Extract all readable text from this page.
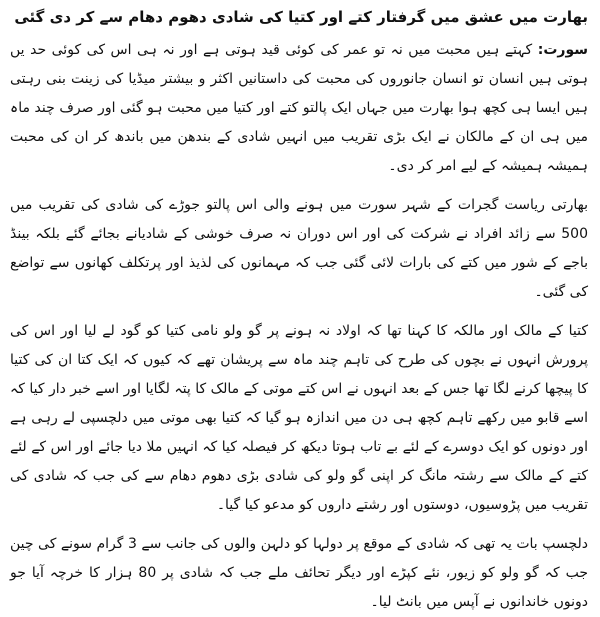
بھارت میں عشق میں گرفتار کتے اور کتیا کی شادی دھوم دھام سے کر دی گئی

سورت: کہتے ہیں محبت میں نہ تو عمر کی کوئی قید ہوتی ہے اور نہ ہی اس کی کوئی حد یں ہوتی ہیں انسان تو انسان جانوروں کی محبت کی داستانیں اکثر و بیشتر میڈیا کی زینت بنی رہتی ہیں ایسا ہی کچھ ہوا بھارت میں جہاں ایک پالتو کتے اور کتیا میں محبت ہو گئی اور صرف چند ماہ میں ہی ان کے مالکان نے ایک بڑی تقریب میں انہیں شادی کے بندھن میں باندھ کر ان کی محبت ہمیشہ ہمیشہ کے لیے امر کر دی۔

بھارتی ریاست گجرات کے شہر سورت میں ہونے والی اس پالتو جوڑے کی شادی کی تقریب میں 500 سے زائد افراد نے شرکت کی اور اس دوران نہ صرف خوشی کے شادیانے بجائے گئے بلکہ بینڈ باجے کے شور میں کتے کی بارات لائی گئی جب کہ مہمانوں کی لذیذ اور پرتکلف کھانوں سے تواضع کی گئی۔

کتیا کے مالک اور مالکہ کا کہنا تھا کہ اولاد نہ ہونے پر گو ولو نامی کتیا کو گود لے لیا اور اس کی پرورش انہوں نے بچوں کی طرح کی تاہم چند ماہ سے پریشان تھے کہ کیوں کہ ایک کتا ان کی کتیا کا پیچھا کرنے لگا تھا جس کے بعد انہوں نے اس کتے موتی کے مالک کا پتہ لگایا اور اسے خبر دار کیا کہ اسے قابو میں رکھے تاہم کچھ ہی دن میں اندازہ ہو گیا کہ کتیا بھی موتی میں دلچسپی لے رہی ہے اور دونوں کو ایک دوسرے کے لئے بے تاب ہوتا دیکھ کر فیصلہ کیا کہ انہیں ملا دیا جائے اور اس کے لئے کتے کے مالک سے رشتہ مانگ کر اپنی گو ولو کی شادی بڑی دھوم دھام سے کی جب کہ شادی کی تقریب میں پڑوسیوں، دوستوں اور رشتے داروں کو مدعو کیا گیا۔

دلچسپ بات یہ تھی کہ شادی کے موقع پر دولہا کو دلہن والوں کی جانب سے 3 گرام سونے کی چین جب کہ گو ولو کو زیور، نئے کپڑے اور دیگر تحائف ملے جب کہ شادی پر 80 ہزار کا خرچہ آیا جو دونوں خاندانوں نے آپس میں بانٹ لیا۔
